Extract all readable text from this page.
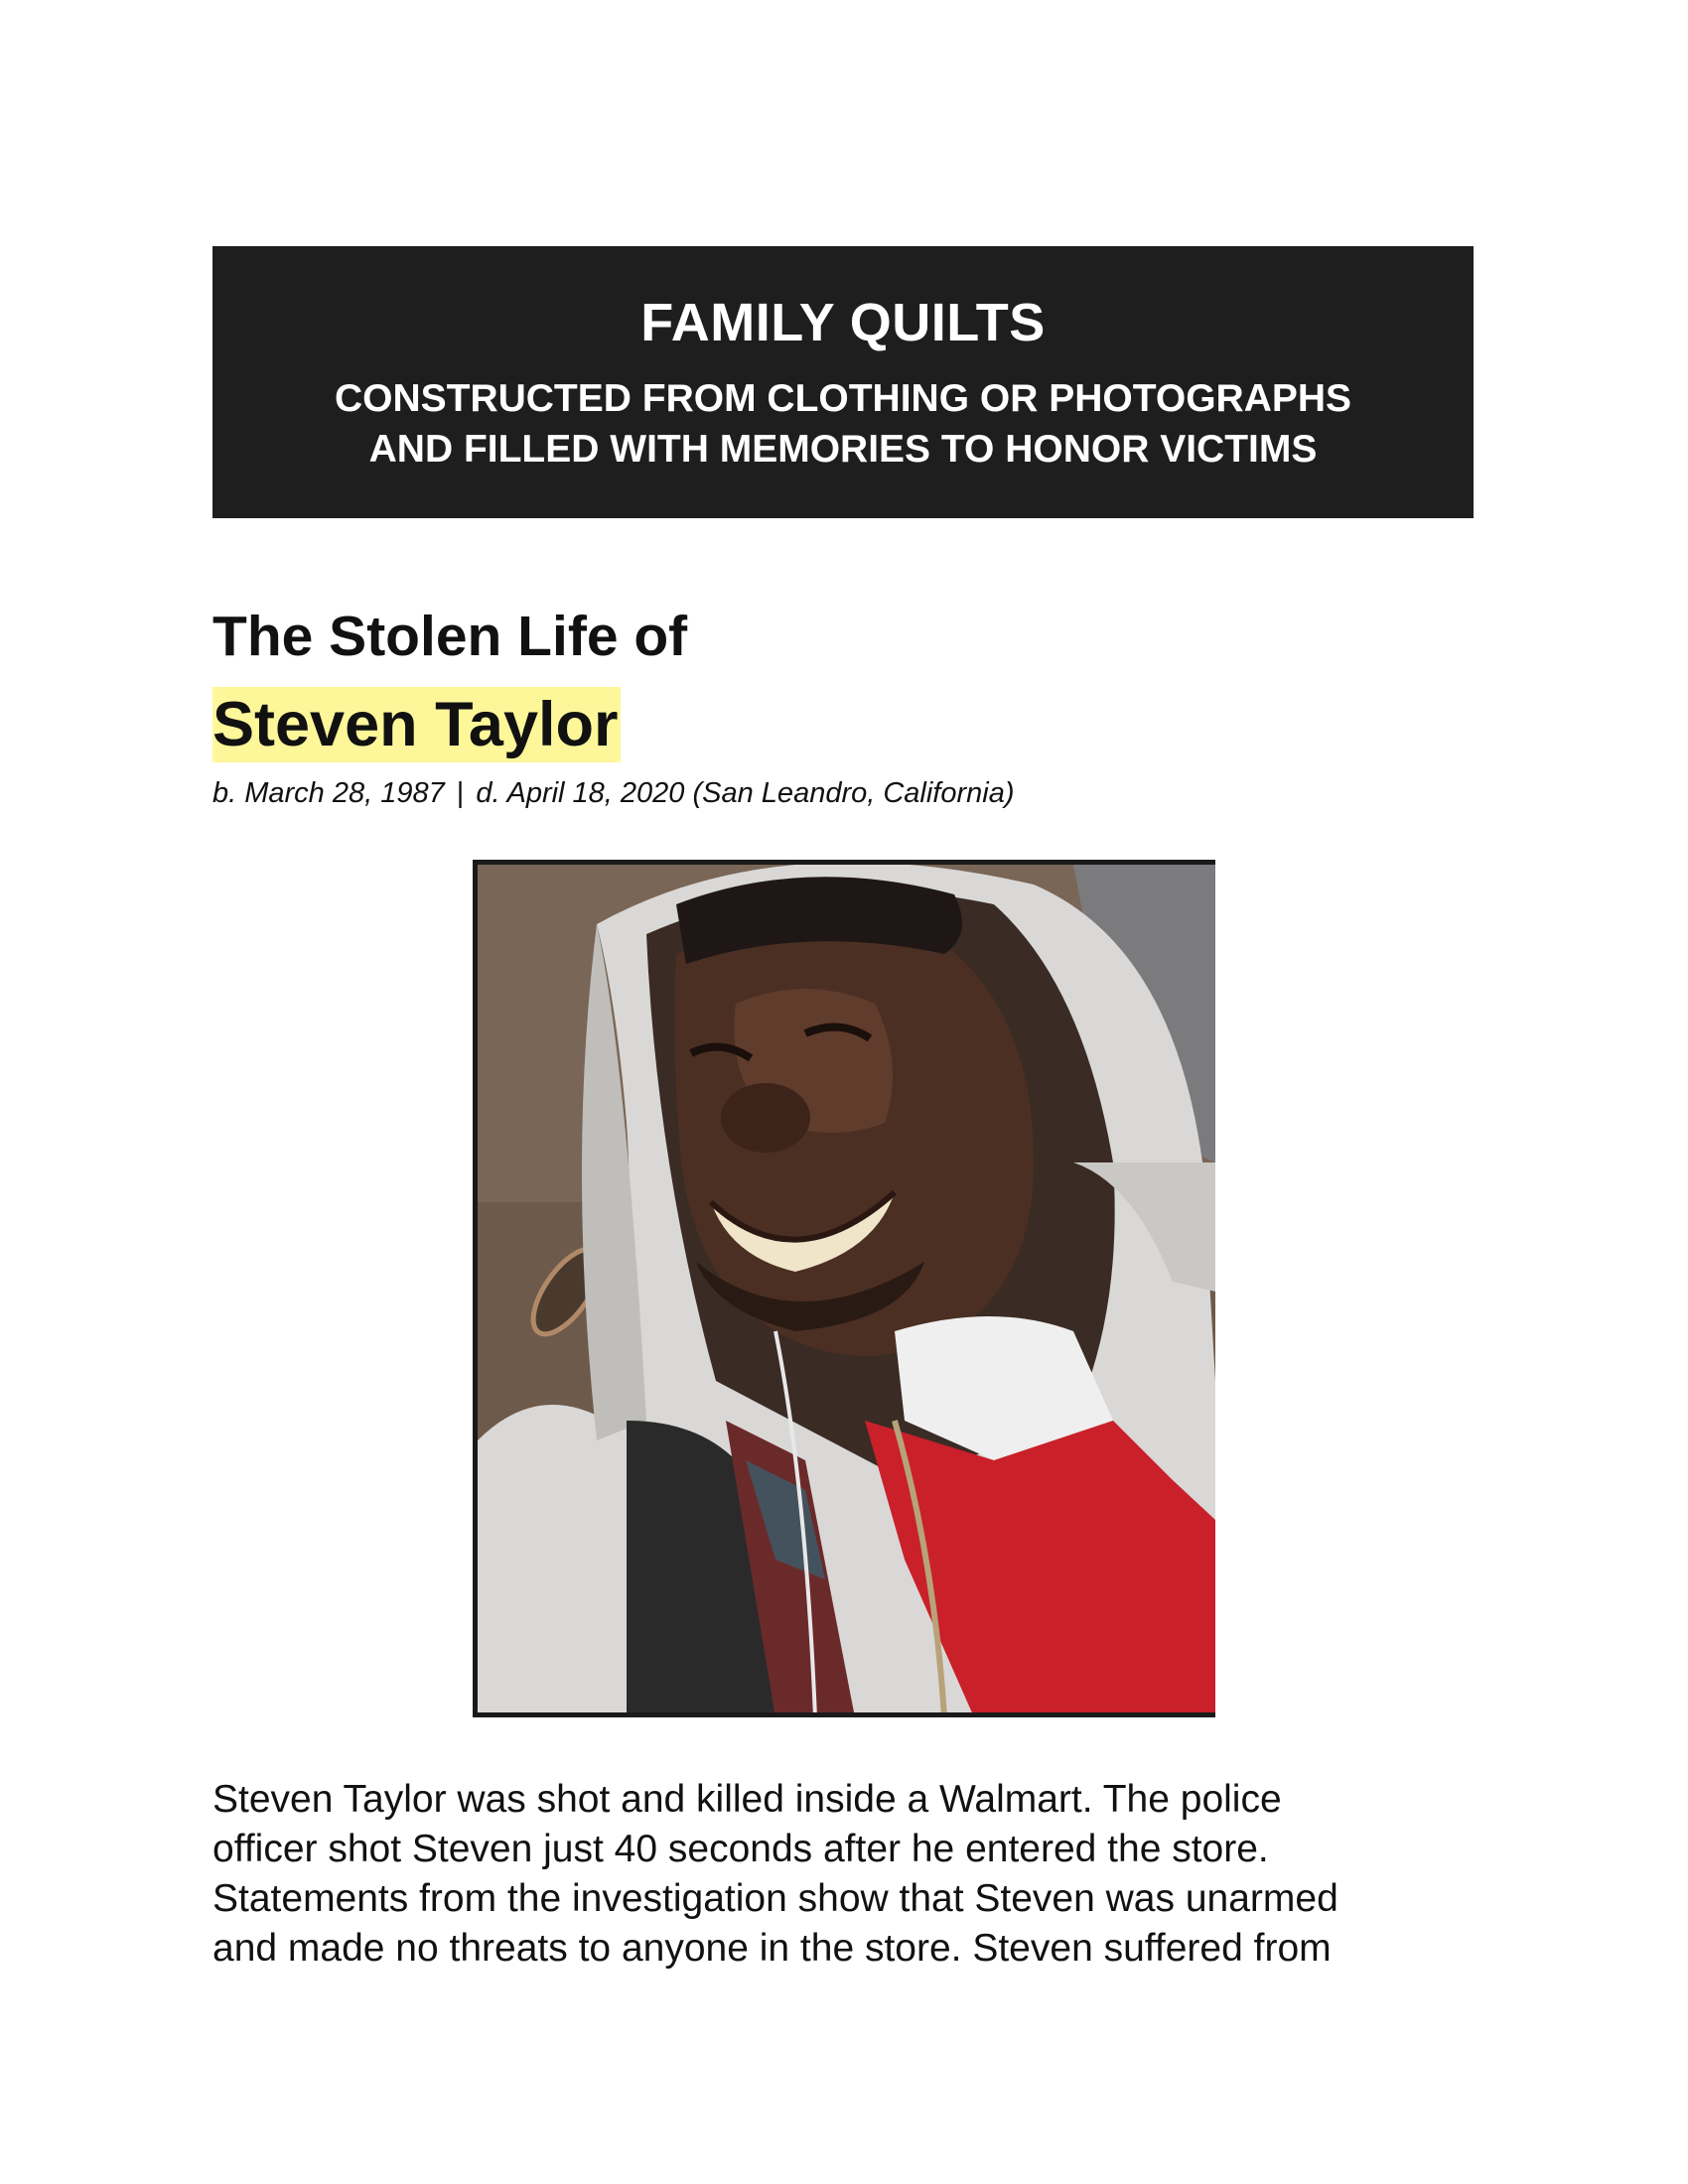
FAMILY QUILTS
CONSTRUCTED FROM CLOTHING OR PHOTOGRAPHS
AND FILLED WITH MEMORIES TO HONOR VICTIMS
The Stolen Life of
Steven Taylor
b. March 28, 1987 | d. April 18, 2020 (San Leandro, California)
Steven Taylor was shot and killed inside a Walmart. The police
officer shot Steven just 40 seconds after he entered the store.
Statements from the investigation show that Steven was unarmed
and made no threats to anyone in the store. Steven suffered from
